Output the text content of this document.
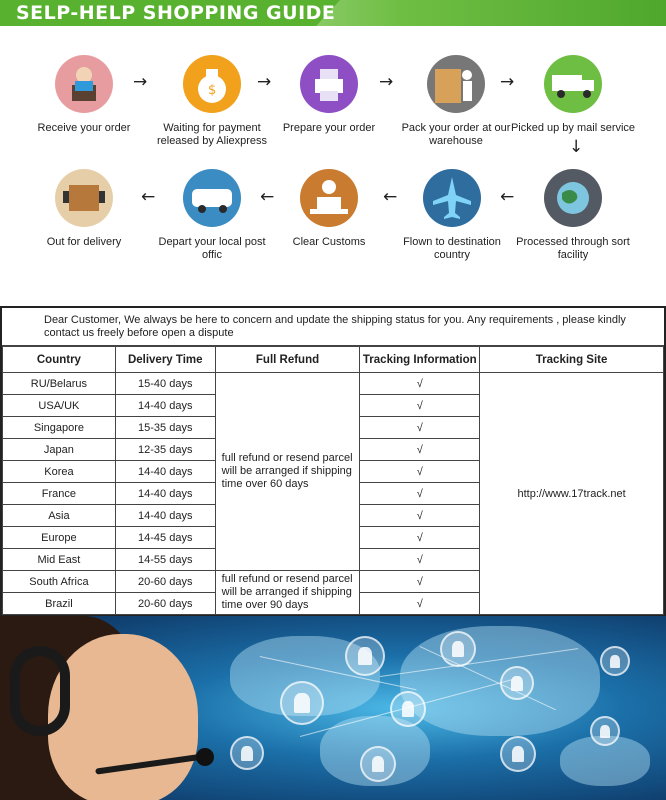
SELP-HELP SHOPPING GUIDE
Receive your order
→	$
Waiting for payment released by Aliexpress
→
Prepare your order
→
Pack your order at our warehouse
→
Picked up by mail service
↓
Out for delivery
←
Depart your local post offic
←
Clear Customs
←
Flown to destination country
←
Processed through sort facility
Dear Customer, We always be here to concern and update the shipping status for you. Any requirements , please kindly contact us freely before open a dispute
Country	Delivery Time	Full Refund	Tracking Information	Tracking Site
RU/Belarus	15-40 days	full refund or resend parcel will be arranged if shipping time over 60 days	√	http://www.17track.net
USA/UK	14-40 days		√	
Singapore	15-35 days		√	
Japan	12-35 days		√	
Korea	14-40 days		√	
France	14-40 days		√	
Asia	14-40 days		√	
Europe	14-45 days		√	
Mid East	14-55 days		√	
South Africa	20-60 days	full refund or resend parcel will be arranged if shipping time over 90 days	√	
Brazil	20-60 days		√	
